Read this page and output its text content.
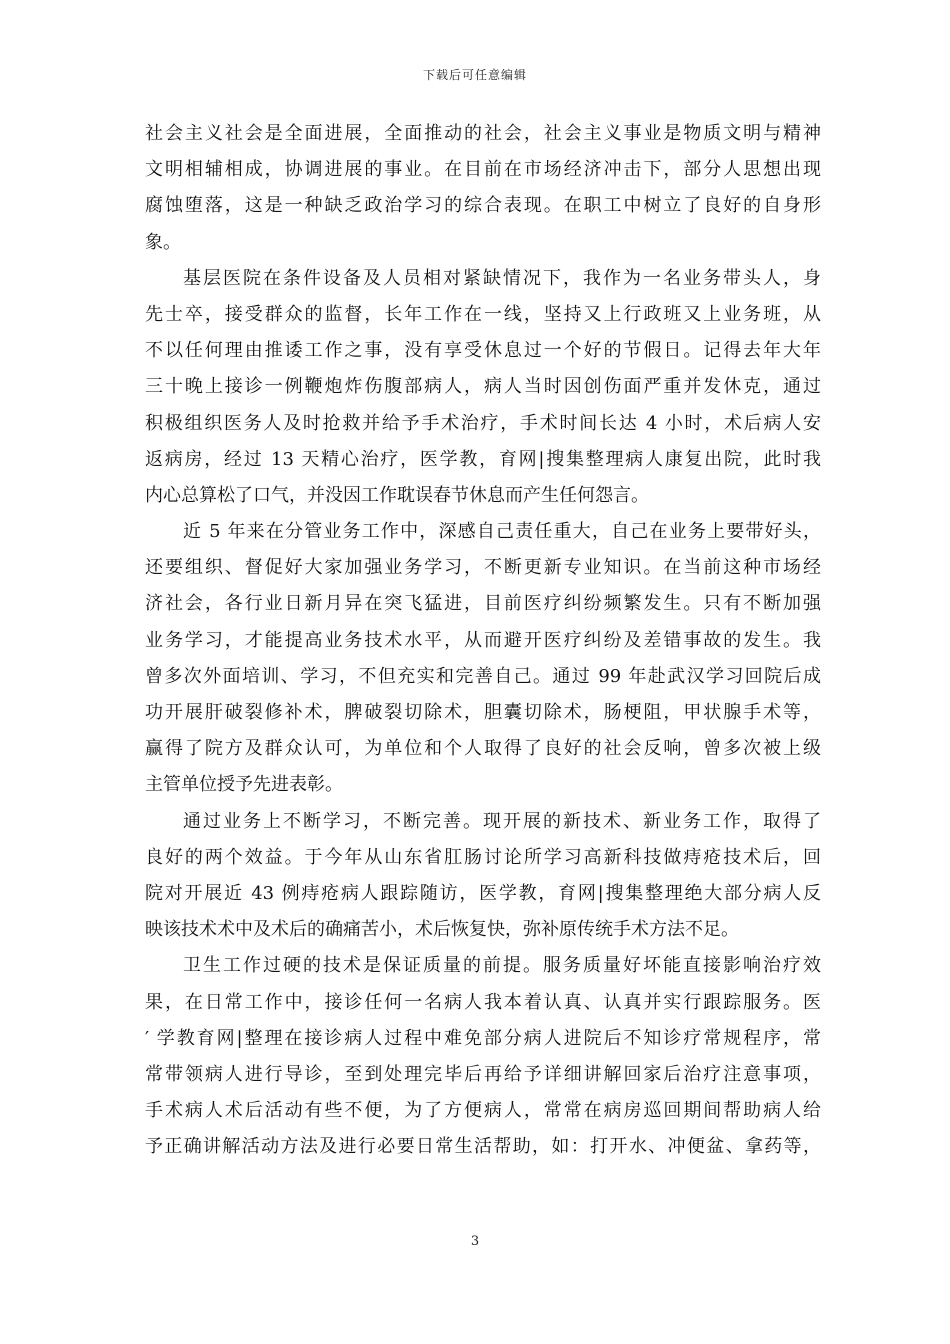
下载后可任意编辑
社会主义社会是全面进展，全面推动的社会，社会主义事业是物质文明与精神
文明相辅相成，协调进展的事业。在目前在市场经济冲击下，部分人思想出现
腐蚀堕落，这是一种缺乏政治学习的综合表现。在职工中树立了良好的自身形
象。
基层医院在条件设备及人员相对紧缺情况下，我作为一名业务带头人，身
先士卒，接受群众的监督，长年工作在一线，坚持又上行政班又上业务班，从
不以任何理由推诿工作之事，没有享受休息过一个好的节假日。记得去年大年
三十晚上接诊一例鞭炮炸伤腹部病人，病人当时因创伤面严重并发休克，通过
积极组织医务人及时抢救并给予手术治疗，手术时间长达 4 小时，术后病人安
返病房，经过 13 天精心治疗，医学教，育网|搜集整理病人康复出院，此时我
内心总算松了口气，并没因工作耽误春节休息而产生任何怨言。
近 5 年来在分管业务工作中，深感自己责任重大，自己在业务上要带好头，
还要组织、督促好大家加强业务学习，不断更新专业知识。在当前这种市场经
济社会，各行业日新月异在突飞猛进，目前医疗纠纷频繁发生。只有不断加强
业务学习，才能提高业务技术水平，从而避开医疗纠纷及差错事故的发生。我
曾多次外面培训、学习，不但充实和完善自己。通过 99 年赴武汉学习回院后成
功开展肝破裂修补术，脾破裂切除术，胆囊切除术，肠梗阻，甲状腺手术等，
赢得了院方及群众认可，为单位和个人取得了良好的社会反响，曾多次被上级
主管单位授予先进表彰。
通过业务上不断学习，不断完善。现开展的新技术、新业务工作，取得了
良好的两个效益。于今年从山东省肛肠讨论所学习高新科技做痔疮技术后，回
院对开展近 43 例痔疮病人跟踪随访，医学教，育网|搜集整理绝大部分病人反
映该技术术中及术后的确痛苦小，术后恢复快，弥补原传统手术方法不足。
卫生工作过硬的技术是保证质量的前提。服务质量好坏能直接影响治疗效
果，在日常工作中，接诊任何一名病人我本着认真、认真并实行跟踪服务。医
′ 学教育网|整理在接诊病人过程中难免部分病人进院后不知诊疗常规程序，常
常带领病人进行导诊，至到处理完毕后再给予详细讲解回家后治疗注意事项，
手术病人术后活动有些不便，为了方便病人，常常在病房巡回期间帮助病人给
予正确讲解活动方法及进行必要日常生活帮助，如：打开水、冲便盆、拿药等，
3
